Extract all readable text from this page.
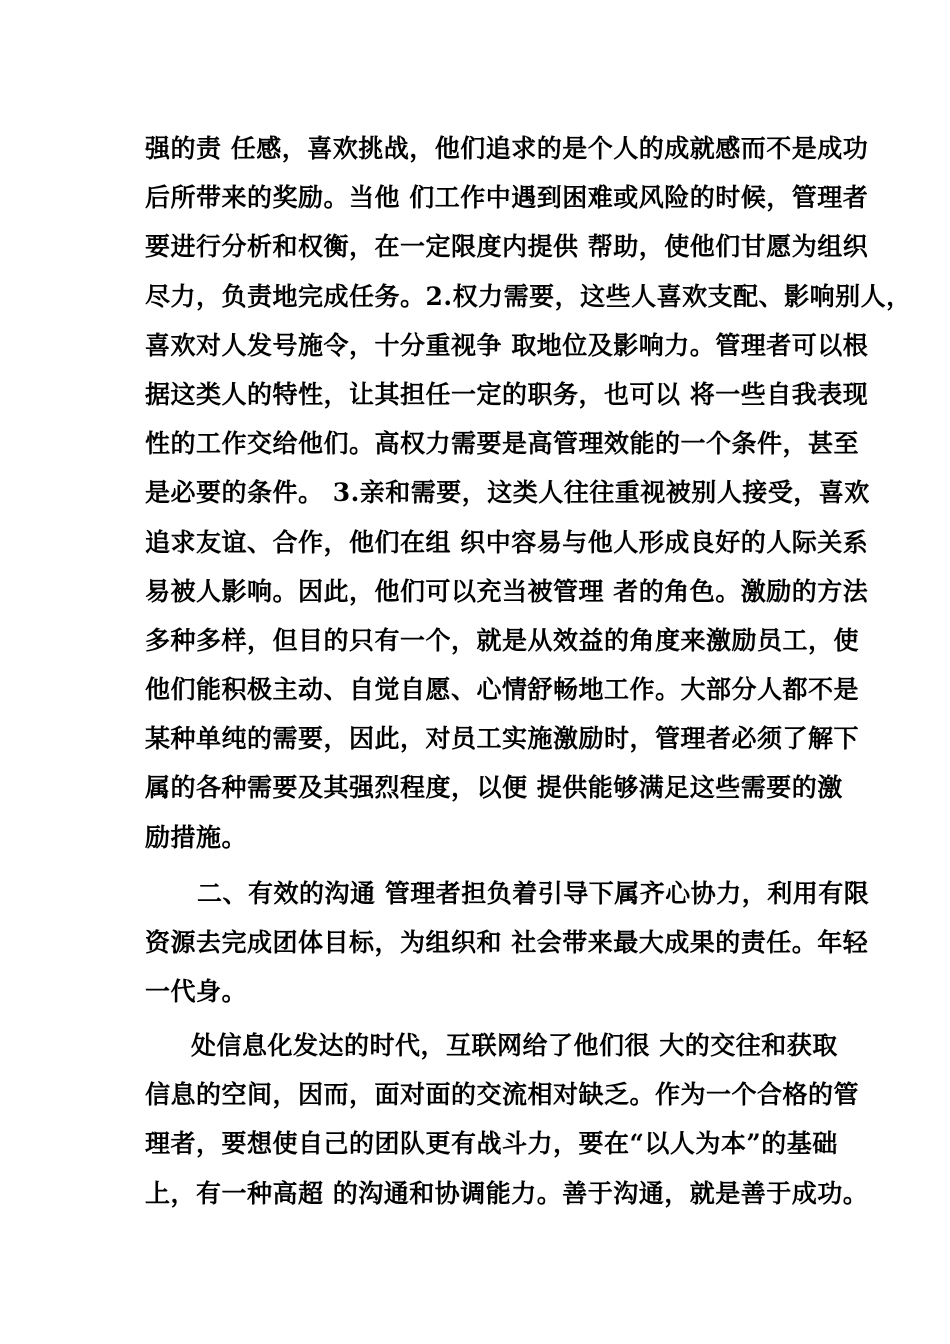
强的责 任感，喜欢挑战，他们追求的是个人的成就感而不是成功
后所带来的奖励。当他 们工作中遇到困难或风险的时候，管理者
要进行分析和权衡，在一定限度内提供 帮助，使他们甘愿为组织
尽力，负责地完成任务。2.权力需要，这些人喜欢支配、影响别人，
喜欢对人发号施令，十分重视争 取地位及影响力。管理者可以根
据这类人的特性，让其担任一定的职务，也可以 将一些自我表现
性的工作交给他们。高权力需要是高管理效能的一个条件，甚至
是必要的条件。 3.亲和需要，这类人往往重视被别人接受，喜欢
追求友谊、合作，他们在组 织中容易与他人形成良好的人际关系
易被人影响。因此，他们可以充当被管理 者的角色。激励的方法
多种多样，但目的只有一个，就是从效益的角度来激励员工，使
他们能积极主动、自觉自愿、心情舒畅地工作。大部分人都不是
某种单纯的需要，因此，对员工实施激励时，管理者必须了解下
属的各种需要及其强烈程度，以便 提供能够满足这些需要的激
励措施。
二、有效的沟通 管理者担负着引导下属齐心协力，利用有限
资源去完成团体目标，为组织和 社会带来最大成果的责任。年轻
一代身。
处信息化发达的时代，互联网给了他们很 大的交往和获取
信息的空间，因而，面对面的交流相对缺乏。作为一个合格的管
理者，要想使自己的团队更有战斗力，要在“以人为本”的基础
上，有一种高超 的沟通和协调能力。善于沟通，就是善于成功。
